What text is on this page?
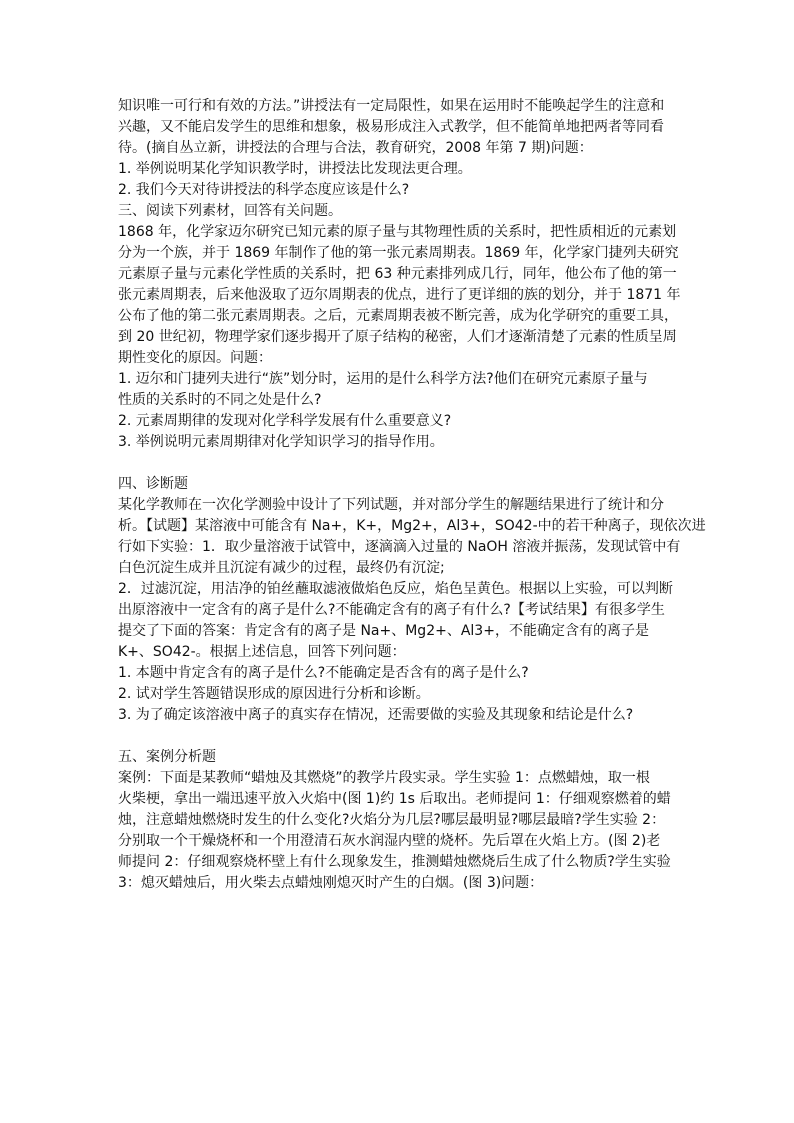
知识唯一可行和有效的方法。”讲授法有一定局限性，如果在运用时不能唤起学生的注意和
兴趣，又不能启发学生的思维和想象，极易形成注入式教学，但不能简单地把两者等同看
待。(摘自丛立新，讲授法的合理与合法，教育研究，2008 年第 7 期)问题：
1. 举例说明某化学知识教学时，讲授法比发现法更合理。
2. 我们今天对待讲授法的科学态度应该是什么?
三、阅读下列素材，回答有关问题。
1868 年，化学家迈尔研究已知元素的原子量与其物理性质的关系时，把性质相近的元素划
分为一个族，并于 1869 年制作了他的第一张元素周期表。1869 年，化学家门捷列夫研究
元素原子量与元素化学性质的关系时，把 63 种元素排列成几行，同年，他公布了他的第一
张元素周期表，后来他汲取了迈尔周期表的优点，进行了更详细的族的划分，并于 1871 年
公布了他的第二张元素周期表。之后，元素周期表被不断完善，成为化学研究的重要工具，
到 20 世纪初，物理学家们逐步揭开了原子结构的秘密，人们才逐渐清楚了元素的性质呈周
期性变化的原因。问题：
1. 迈尔和门捷列夫进行“族”划分时，运用的是什么科学方法?他们在研究元素原子量与
性质的关系时的不同之处是什么?
2. 元素周期律的发现对化学科学发展有什么重要意义?
3. 举例说明元素周期律对化学知识学习的指导作用。
四、诊断题
某化学教师在一次化学测验中设计了下列试题，并对部分学生的解题结果进行了统计和分
析。【试题】某溶液中可能含有 Na+，K+，Mg2+，Al3+，SO42-中的若干种离子，现依次进
行如下实验：1．取少量溶液于试管中，逐滴滴入过量的 NaOH 溶液并振荡，发现试管中有
白色沉淀生成并且沉淀有减少的过程，最终仍有沉淀;
2．过滤沉淀，用洁净的铂丝蘸取滤液做焰色反应，焰色呈黄色。根据以上实验，可以判断
出原溶液中一定含有的离子是什么?不能确定含有的离子有什么?【考试结果】有很多学生
提交了下面的答案：肯定含有的离子是 Na+、Mg2+、Al3+，不能确定含有的离子是
K+、SO42-。根据上述信息，回答下列问题：
1. 本题中肯定含有的离子是什么?不能确定是否含有的离子是什么?
2. 试对学生答题错误形成的原因进行分析和诊断。
3. 为了确定该溶液中离子的真实存在情况，还需要做的实验及其现象和结论是什么?
五、案例分析题
案例：下面是某教师“蜡烛及其燃烧”的教学片段实录。学生实验 1：点燃蜡烛，取一根
火柴梗，拿出一端迅速平放入火焰中(图 1)约 1s 后取出。老师提问 1：仔细观察燃着的蜡
烛，注意蜡烛燃烧时发生的什么变化?火焰分为几层?哪层最明显?哪层最暗?学生实验 2：
分别取一个干燥烧杯和一个用澄清石灰水润湿内壁的烧杯。先后罩在火焰上方。(图 2)老
师提问 2：仔细观察烧杯壁上有什么现象发生，推测蜡烛燃烧后生成了什么物质?学生实验
3：熄灭蜡烛后，用火柴去点蜡烛刚熄灭时产生的白烟。(图 3)问题：
